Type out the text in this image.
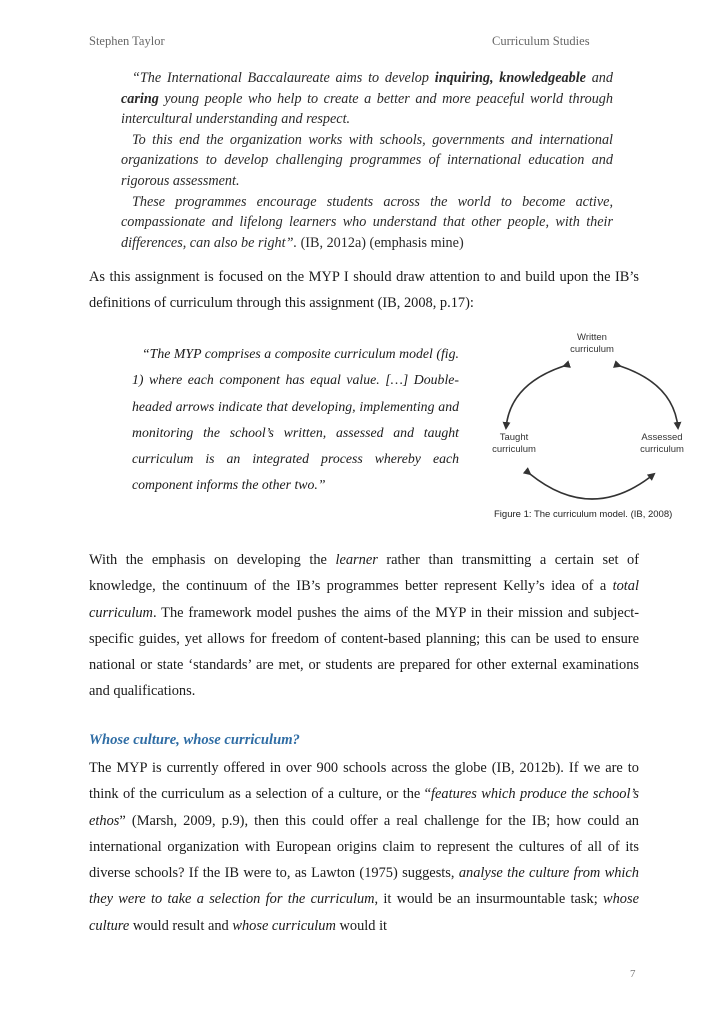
Stephen Taylor	Curriculum Studies

“The International Baccalaureate aims to develop inquiring, knowledgeable and caring young people who help to create a better and more peaceful world through intercultural understanding and respect.

To this end the organization works with schools, governments and international organizations to develop challenging programmes of international education and rigorous assessment.

These programmes encourage students across the world to become active, compassionate and lifelong learners who understand that other people, with their differences, can also be right”. (IB, 2012a) (emphasis mine)

As this assignment is focused on the MYP I should draw attention to and build upon the IB’s definitions of curriculum through this assignment (IB, 2008, p.17):

“The MYP comprises a composite curriculum model (fig. 1) where each component has equal value. […] Double-headed arrows indicate that developing, implementing and monitoring the school’s written, assessed and taught curriculum is an integrated process whereby each component informs the other two.”

Written
curriculum
Taught
curriculum
Assessed
curriculum
Figure 1: The curriculum model. (IB, 2008)
With the emphasis on developing the learner rather than transmitting a certain set of knowledge, the continuum of the IB’s programmes better represent Kelly’s idea of a total curriculum. The framework model pushes the aims of the MYP in their mission and subject-specific guides, yet allows for freedom of content-based planning; this can be used to ensure national or state ‘standards’ are met, or students are prepared for other external examinations and qualifications.
Whose culture, whose curriculum?
The MYP is currently offered in over 900 schools across the globe (IB, 2012b). If we are to think of the curriculum as a selection of a culture, or the “features which produce the school’s ethos” (Marsh, 2009, p.9), then this could offer a real challenge for the IB; how could an international organization with European origins claim to represent the cultures of all of its diverse schools? If the IB were to, as Lawton (1975) suggests, analyse the culture from which they were to take a selection for the curriculum, it would be an insurmountable task; whose culture would result and whose curriculum would it
7
